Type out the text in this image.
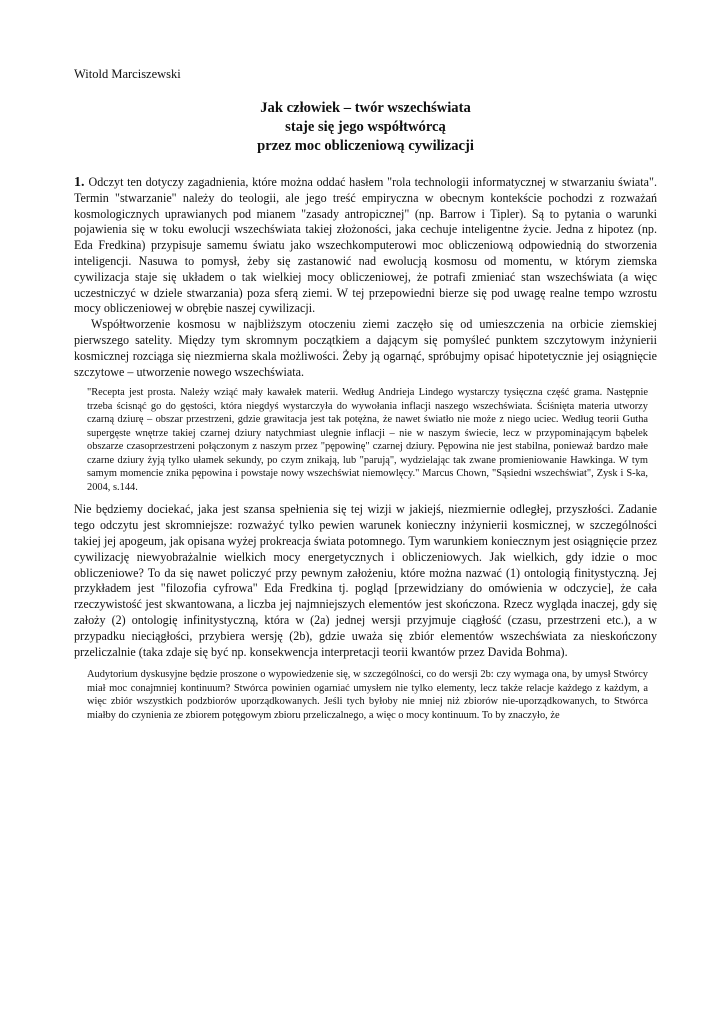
Witold Marciszewski
Jak człowiek – twór wszechświata
staje się jego współtwórcą
przez moc obliczeniową cywilizacji

1. Odczyt ten dotyczy zagadnienia, które można oddać hasłem "rola technologii informatycznej w stwarzaniu świata". Termin "stwarzanie" należy do teologii, ale jego treść empiryczna w obecnym kontekście pochodzi z rozważań kosmologicznych uprawianych pod mianem "zasady antropicznej" (np. Barrow i Tipler). Są to pytania o warunki pojawienia się w toku ewolucji wszechświata takiej złożoności, jaka cechuje inteligentne życie. Jedna z hipotez (np. Eda Fredkina) przypisuje samemu światu jako wszechkomputerowi moc obliczeniową odpowiednią do stworzenia inteligencji. Nasuwa to pomysł, żeby się zastanowić nad ewolucją kosmosu od momentu, w którym ziemska cywilizacja staje się układem o tak wielkiej mocy obliczeniowej, że potrafi zmieniać stan wszechświata (a więc uczestniczyć w dziele stwarzania) poza sferą ziemi. W tej przepowiedni bierze się pod uwagę realne tempo wzrostu mocy obliczeniowej w obrębie naszej cywilizacji.

Współtworzenie kosmosu w najbliższym otoczeniu ziemi zaczęło się od umieszczenia na orbicie ziemskiej pierwszego satelity. Między tym skromnym początkiem a dającym się pomyśleć punktem szczytowym inżynierii kosmicznej rozciąga się niezmierna skala możliwości. Żeby ją ogarnąć, spróbujmy opisać hipotetycznie jej osiągnięcie szczytowe – utworzenie nowego wszechświata.

"Recepta jest prosta. Należy wziąć mały kawałek materii. Według Andrieja Lindego wystarczy tysięczna część grama. Następnie trzeba ścisnąć go do gęstości, która niegdyś wystarczyła do wywołania inflacji naszego wszechświata. Ściśnięta materia utworzy czarną dziurę – obszar przestrzeni, gdzie grawitacja jest tak potężna, że nawet światło nie może z niego uciec. Według teorii Gutha supergęste wnętrze takiej czarnej dziury natychmiast ulegnie inflacji – nie w naszym świecie, lecz w przypominającym bąbelek obszarze czasoprzestrzeni połączonym z naszym przez "pępowinę" czarnej dziury. Pępowina nie jest stabilna, ponieważ bardzo małe czarne dziury żyją tylko ułamek sekundy, po czym znikają, lub "parują", wydzielając tak zwane promieniowanie Hawkinga. W tym samym momencie znika pępowina i powstaje nowy wszechświat niemowlęcy." Marcus Chown, "Sąsiedni wszechświat", Zysk i S-ka, 2004, s.144.

Nie będziemy dociekać, jaka jest szansa spełnienia się tej wizji w jakiejś, niezmiernie odległej, przyszłości. Zadanie tego odczytu jest skromniejsze: rozważyć tylko pewien warunek konieczny inżynierii kosmicznej, w szczególności takiej jej apogeum, jak opisana wyżej prokreacja świata potomnego. Tym warunkiem koniecznym jest osiągnięcie przez cywilizację niewyobrażalnie wielkich mocy energetycznych i obliczeniowych. Jak wielkich, gdy idzie o moc obliczeniowe? To da się nawet policzyć przy pewnym założeniu, które można nazwać (1) ontologią finitystyczną. Jej przykładem jest "filozofia cyfrowa" Eda Fredkina tj. pogląd [przewidziany do omówienia w odczycie], że cała rzeczywistość jest skwantowana, a liczba jej najmniejszych elementów jest skończona. Rzecz wygląda inaczej, gdy się założy (2) ontologię infinitystyczną, która w (2a) jednej wersji przyjmuje ciągłość (czasu, przestrzeni etc.), a w przypadku nieciągłości, przybiera wersję (2b), gdzie uważa się zbiór elementów wszechświata za nieskończony przeliczalnie (taka zdaje się być np. konsekwencja interpretacji teorii kwantów przez Davida Bohma).

Audytorium dyskusyjne będzie proszone o wypowiedzenie się, w szczególności, co do wersji 2b: czy wymaga ona, by umysł Stwórcy miał moc conajmniej kontinuum? Stwórca powinien ogarniać umysłem nie tylko elementy, lecz także relacje każdego z każdym, a więc zbiór wszystkich podzbiorów uporządkowanych. Jeśli tych byłoby nie mniej niż zbiorów nie-uporządkowanych, to Stwórca miałby do czynienia ze zbiorem potęgowym zbioru przeliczalnego, a więc o mocy kontinuum. To by znaczyło, że
